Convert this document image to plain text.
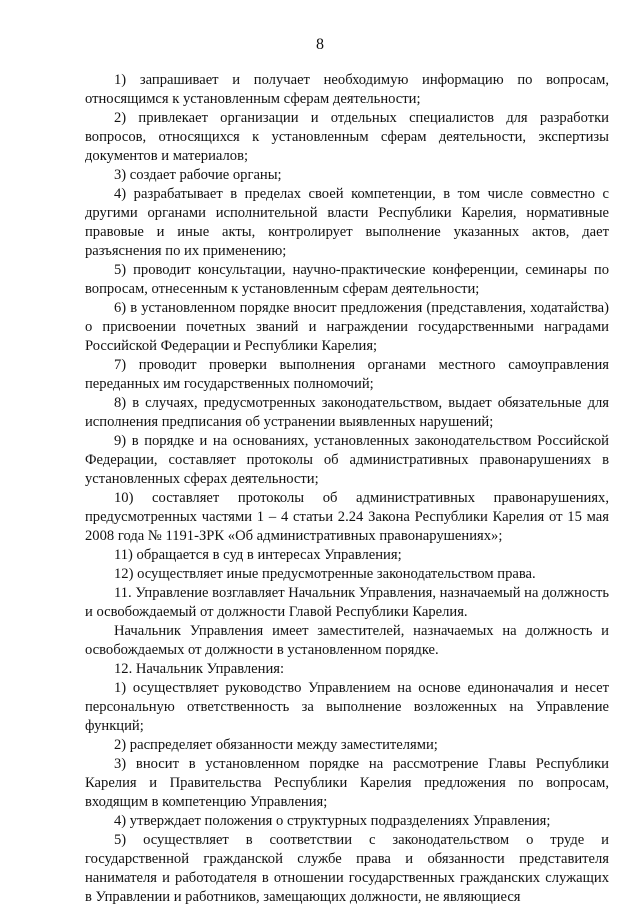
8

1) запрашивает и получает необходимую информацию по вопросам, относящимся к установленным сферам деятельности;

2) привлекает организации и отдельных специалистов для разработки вопросов, относящихся к установленным сферам деятельности, экспертизы документов и материалов;

3) создает рабочие органы;

4) разрабатывает в пределах своей компетенции, в том числе совместно с другими органами исполнительной власти Республики Карелия, нормативные правовые и иные акты, контролирует выполнение указанных актов, дает разъяснения по их применению;

5) проводит консультации, научно-практические конференции, семинары по вопросам, отнесенным к установленным сферам деятельности;

6) в установленном порядке вносит предложения (представления, ходатайства) о присвоении почетных званий и награждении государственными наградами Российской Федерации и Республики Карелия;

7) проводит проверки выполнения органами местного самоуправления переданных им государственных полномочий;

8) в случаях, предусмотренных законодательством, выдает обязательные для исполнения предписания об устранении выявленных нарушений;

9) в порядке и на основаниях, установленных законодательством Российской Федерации, составляет протоколы об административных правонарушениях в установленных сферах деятельности;

10) составляет протоколы об административных правонарушениях, предусмотренных частями 1 – 4 статьи 2.24 Закона Республики Карелия от 15 мая 2008 года № 1191-ЗРК «Об административных правонарушениях»;

11) обращается в суд в интересах Управления;

12) осуществляет иные предусмотренные законодательством права.

11. Управление возглавляет Начальник Управления, назначаемый на должность и освобождаемый от должности Главой Республики Карелия.

Начальник Управления имеет заместителей, назначаемых на должность и освобождаемых от должности в установленном порядке.

12. Начальник Управления:

1) осуществляет руководство Управлением на основе единоначалия и несет персональную ответственность за выполнение возложенных на Управление функций;

2) распределяет обязанности между заместителями;

3) вносит в установленном порядке на рассмотрение Главы Республики Карелия и Правительства Республики Карелия предложения по вопросам, входящим в компетенцию Управления;

4) утверждает положения о структурных подразделениях Управления;

5) осуществляет в соответствии с законодательством о труде и государственной гражданской службе права и обязанности представителя нанимателя и работодателя в отношении государственных гражданских служащих в Управлении и работников, замещающих должности, не являющиеся
